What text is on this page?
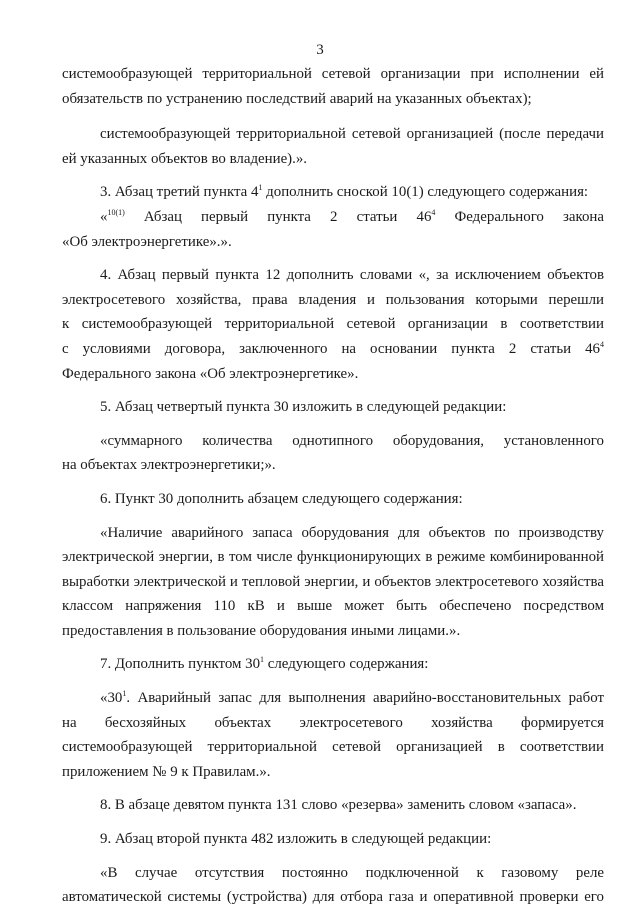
3
системообразующей территориальной сетевой организации при исполнении ей
обязательств по устранению последствий аварий на указанных объектах);
системообразующей территориальной сетевой организацией (после передачи
ей указанных объектов во владение).».
3. Абзац третий пункта $4^1$ дополнить сноской 10(1) следующего содержания:
«$^{10(1)}$ Абзац первый пункта 2 статьи $46^4$ Федерального закона
«Об электроэнергетике».».
4. Абзац первый пункта 12 дополнить словами «, за исключением объектов
электросетевого хозяйства, права владения и пользования которыми перешли
к системообразующей территориальной сетевой организации в соответствии
с условиями договора, заключенного на основании пункта 2 статьи $46^4$
Федерального закона «Об электроэнергетике».
5. Абзац четвертый пункта 30 изложить в следующей редакции:
«суммарного количества однотипного оборудования, установленного
на объектах электроэнергетики;».
6. Пункт 30 дополнить абзацем следующего содержания:
«Наличие аварийного запаса оборудования для объектов по производству
электрической энергии, в том числе функционирующих в режиме комбинированной
выработки электрической и тепловой энергии, и объектов электросетевого хозяйства
классом напряжения 110 кВ и выше может быть обеспечено посредством
предоставления в пользование оборудования иными лицами.».
7. Дополнить пунктом $30^1$ следующего содержания:
«$30^1$. Аварийный запас для выполнения аварийно-восстановительных работ
на бесхозяйных объектах электросетевого хозяйства формируется
системообразующей территориальной сетевой организацией в соответствии
приложением № 9 к Правилам.».
8. В абзаце девятом пункта 131 слово «резерва» заменить словом «запаса».
9. Абзац второй пункта 482 изложить в следующей редакции:
«В случае отсутствия постоянно подключенной к газовому реле
автоматической системы (устройства) для отбора газа и оперативной проверки его
